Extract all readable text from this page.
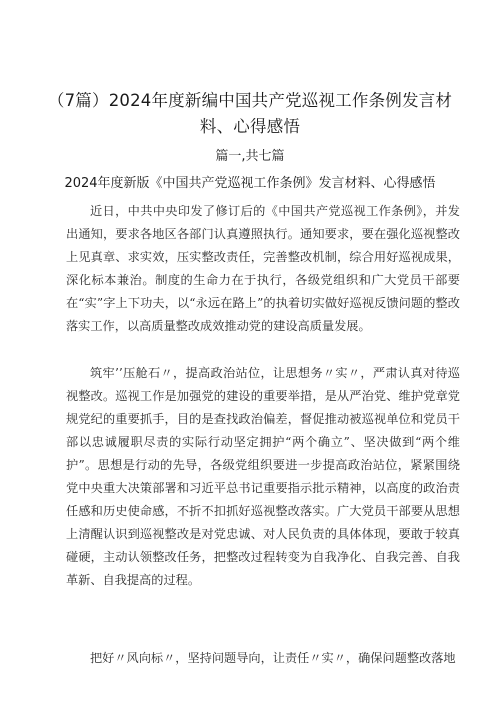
（7篇）2024年度新编中国共产党巡视工作条例发言材料、心得感悟
篇一,共七篇
2024年度新版《中国共产党巡视工作条例》发言材料、心得感悟

近日，中共中央印发了修订后的《中国共产党巡视工作条例》，并发出通知，要求各地区各部门认真遵照执行。通知要求，要在强化巡视整改上见真章、求实效，压实整改责任，完善整改机制，综合用好巡视成果，深化标本兼治。制度的生命力在于执行，各级党组织和广大党员干部要在“实”字上下功夫，以“永远在路上”的执着切实做好巡视反馈问题的整改落实工作，以高质量整改成效推动党的建设高质量发展。

筑牢’’压舱石〃，提高政治站位，让思想务〃实〃，严肃认真对待巡视整改。巡视工作是加强党的建设的重要举措，是从严治党、维护党章党规党纪的重要抓手，目的是查找政治偏差，督促推动被巡视单位和党员干部以忠诚履职尽责的实际行动坚定拥护“两个确立”、坚决做到“两个维护”。思想是行动的先导，各级党组织要进一步提高政治站位，紧紧围绕党中央重大决策部署和习近平总书记重要指示批示精神，以高度的政治责任感和历史使命感，不折不扣抓好巡视整改落实。广大党员干部要从思想上清醒认识到巡视整改是对党忠诚、对人民负责的具体体现，要敢于较真碰硬，主动认领整改任务，把整改过程转变为自我净化、自我完善、自我革新、自我提高的过程。

把好〃风向标〃，坚持问题导向，让责任〃实〃，确保问题整改落地
